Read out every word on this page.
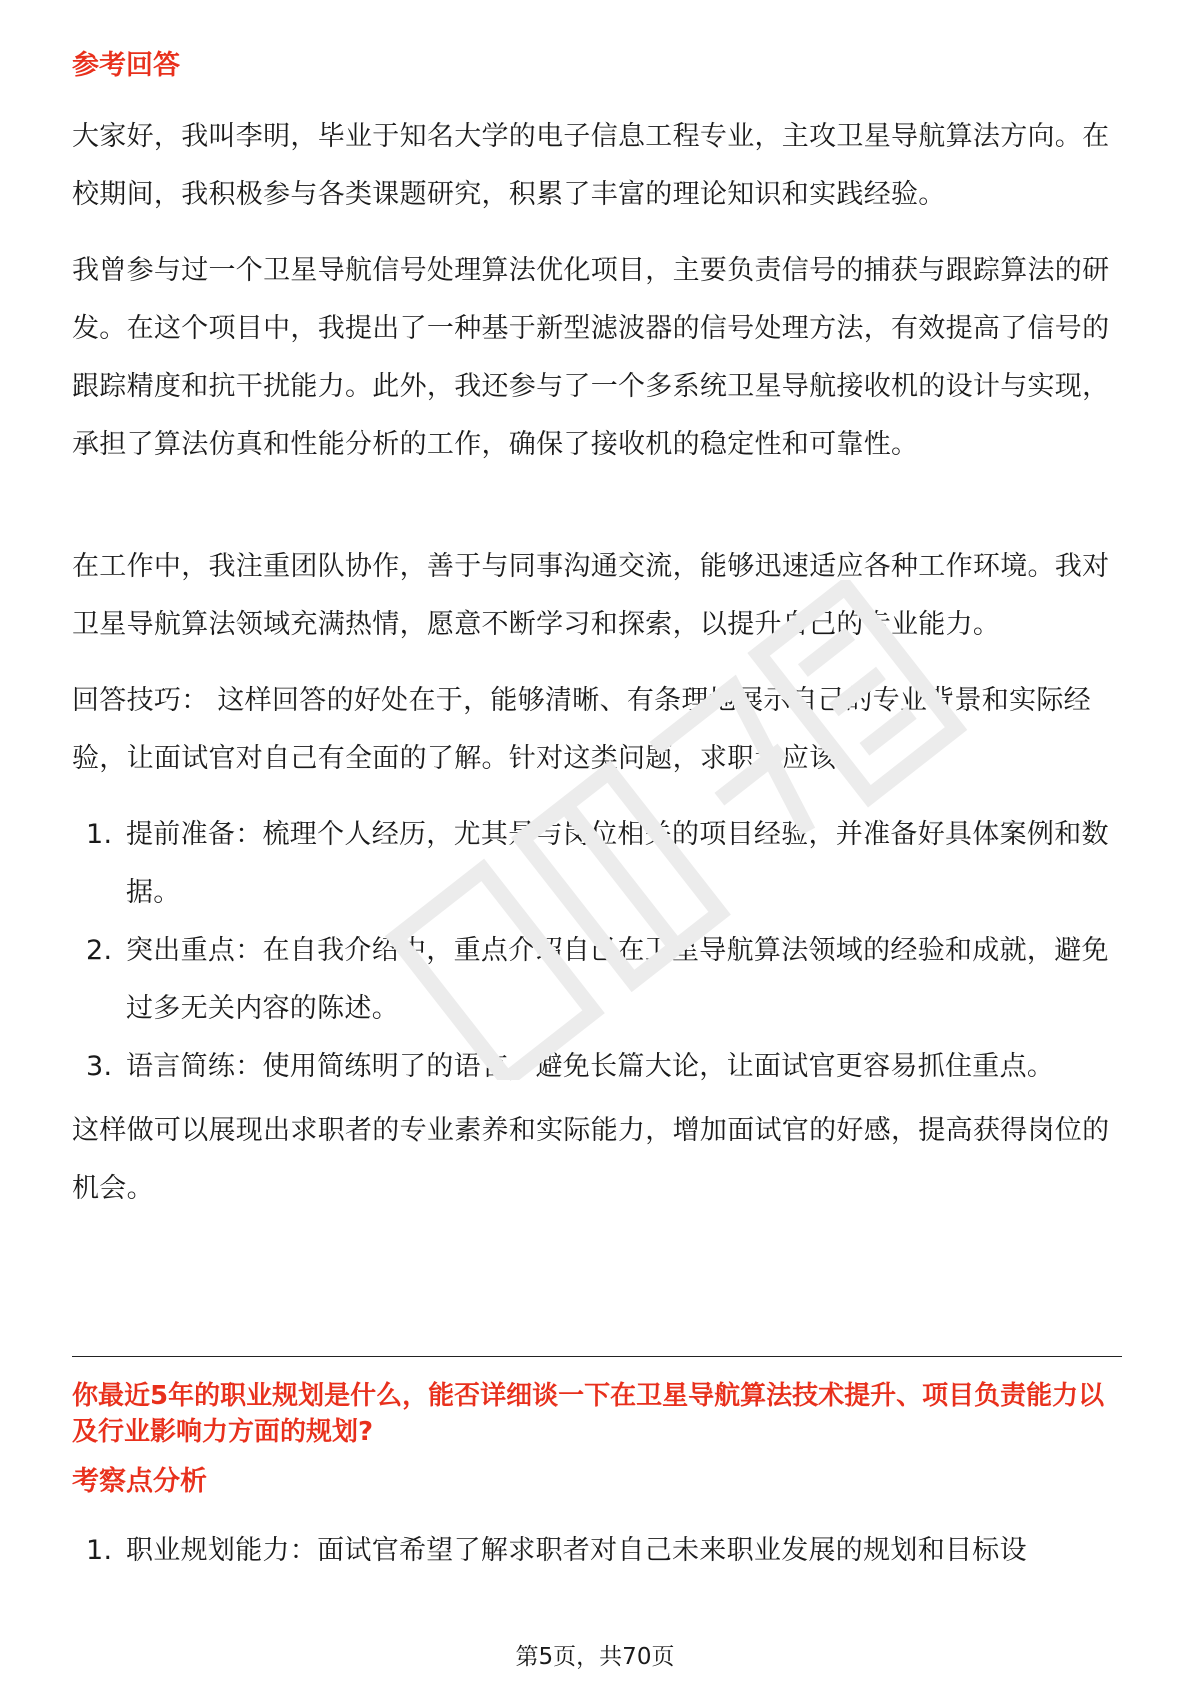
参考回答
大家好，我叫李明，毕业于知名大学的电子信息工程专业，主攻卫星导航算法方向。在校期间，我积极参与各类课题研究，积累了丰富的理论知识和实践经验。
我曾参与过一个卫星导航信号处理算法优化项目，主要负责信号的捕获与跟踪算法的研发。在这个项目中，我提出了一种基于新型滤波器的信号处理方法，有效提高了信号的跟踪精度和抗干扰能力。此外，我还参与了一个多系统卫星导航接收机的设计与实现，承担了算法仿真和性能分析的工作，确保了接收机的稳定性和可靠性。
在工作中，我注重团队协作，善于与同事沟通交流，能够迅速适应各种工作环境。我对卫星导航算法领域充满热情，愿意不断学习和探索，以提升自己的专业能力。
回答技巧： 这样回答的好处在于，能够清晰、有条理地展示自己的专业背景和实际经验，让面试官对自己有全面的了解。针对这类问题，求职者应该：
1. 提前准备：梳理个人经历，尤其是与岗位相关的项目经验，并准备好具体案例和数据。
2. 突出重点：在自我介绍中，重点介绍自己在卫星导航算法领域的经验和成就，避免过多无关内容的陈述。
3. 语言简练：使用简练明了的语言，避免长篇大论，让面试官更容易抓住重点。
这样做可以展现出求职者的专业素养和实际能力，增加面试官的好感，提高获得岗位的机会。
你最近5年的职业规划是什么，能否详细谈一下在卫星导航算法技术提升、项目负责能力以及行业影响力方面的规划?
考察点分析
1. 职业规划能力：面试官希望了解求职者对自己未来职业发展的规划和目标设
第5页，共70页
